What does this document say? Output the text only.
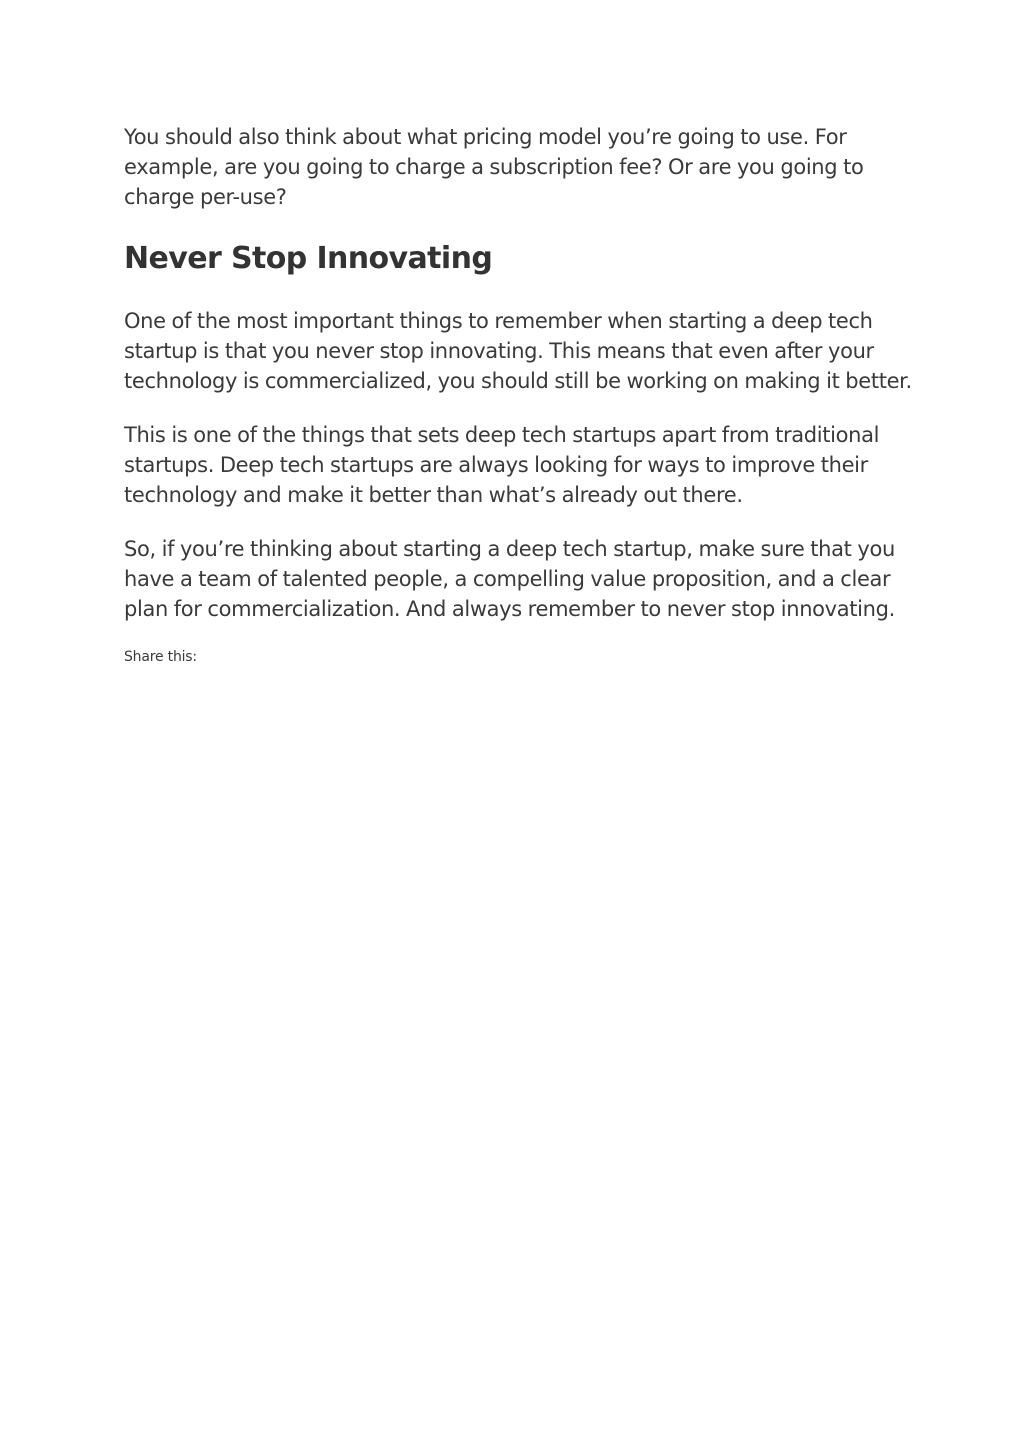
You should also think about what pricing model you’re going to use. For example, are you going to charge a subscription fee? Or are you going to charge per-use?

Never Stop Innovating

One of the most important things to remember when starting a deep tech startup is that you never stop innovating. This means that even after your technology is commercialized, you should still be working on making it better.

This is one of the things that sets deep tech startups apart from traditional startups. Deep tech startups are always looking for ways to improve their technology and make it better than what’s already out there.

So, if you’re thinking about starting a deep tech startup, make sure that you have a team of talented people, a compelling value proposition, and a clear plan for commercialization. And always remember to never stop innovating.

Share this:
